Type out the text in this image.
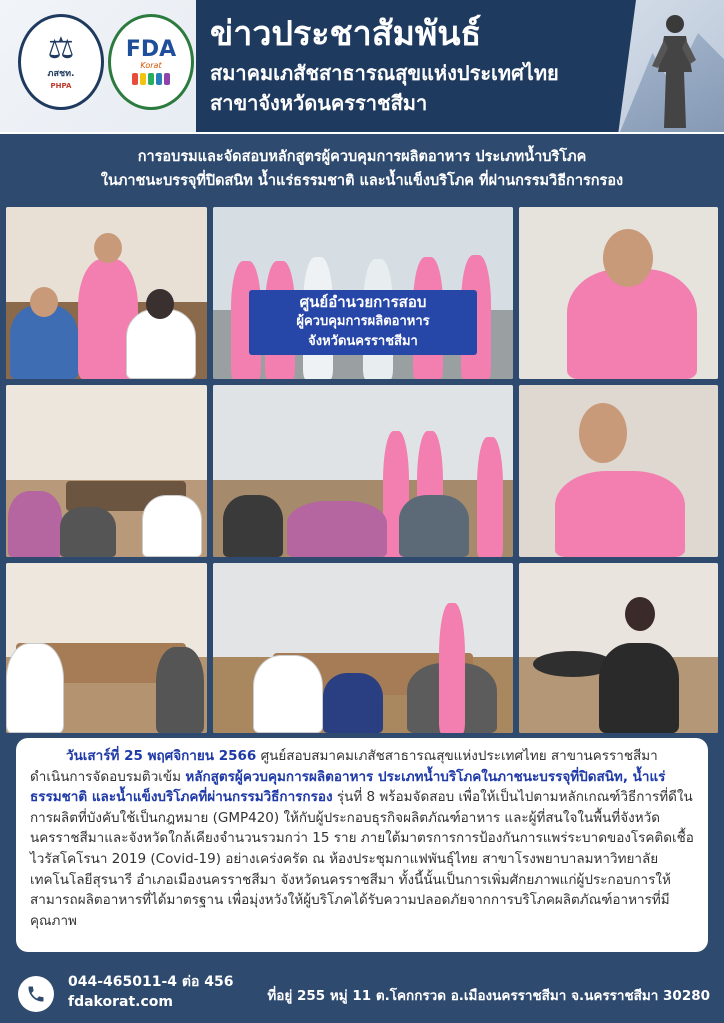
⚖
ภสชท.
PHPA
FDA
Korat
ข่าวประชาสัมพันธ์
สมาคมเภสัชสาธารณสุขแห่งประเทศไทย
สาขาจังหวัดนครราชสีมา
การอบรมและจัดสอบหลักสูตรผู้ควบคุมการผลิตอาหาร ประเภทน้ำบริโภค
ในภาชนะบรรจุที่ปิดสนิท น้ำแร่ธรรมชาติ และน้ำแข็งบริโภค ที่ผ่านกรรมวิธีการกรอง
ศูนย์อำนวยการสอบ
ผู้ควบคุมการผลิตอาหาร
จังหวัดนครราชสีมา

วันเสาร์ที่ 25 พฤศจิกายน 2566 ศูนย์สอบสมาคมเภสัชสาธารณสุขแห่งประเทศไทย สาขานครราชสีมา ดำเนินการจัดอบรมติวเข้ม หลักสูตรผู้ควบคุมการผลิตอาหาร ประเภทน้ำบริโภคในภาชนะบรรจุที่ปิดสนิท, น้ำแร่ธรรมชาติ และน้ำแข็งบริโภคที่ผ่านกรรมวิธีการกรอง รุ่นที่ 8 พร้อมจัดสอบ เพื่อให้เป็นไปตามหลักเกณฑ์วิธีการที่ดีในการผลิตที่บังคับใช้เป็นกฎหมาย (GMP420) ให้กับผู้ประกอบธุรกิจผลิตภัณฑ์อาหาร และผู้ที่สนใจในพื้นที่จังหวัดนครราชสีมาและจังหวัดใกล้เคียงจำนวนรวมกว่า 15 ราย ภายใต้มาตรการการป้องกันการแพร่ระบาดของโรคติดเชื้อไวรัสโคโรนา 2019 (Covid-19) อย่างเคร่งครัด ณ ห้องประชุมกาแฟพันธุ์ไทย สาขาโรงพยาบาลมหาวิทยาลัยเทคโนโลยีสุรนารี อำเภอเมืองนครราชสีมา จังหวัดนครราชสีมา ทั้งนี้นั้นเป็นการเพิ่มศักยภาพแก่ผู้ประกอบการให้สามารถผลิตอาหารที่ได้มาตรฐาน เพื่อมุ่งหวังให้ผู้บริโภคได้รับความปลอดภัยจากการบริโภคผลิตภัณฑ์อาหารที่มีคุณภาพ

044-465011-4 ต่อ 456
fdakorat.com	ที่อยู่ 255 หมู่ 11 ต.โคกกรวด อ.เมืองนครราชสีมา จ.นครราชสีมา 30280
